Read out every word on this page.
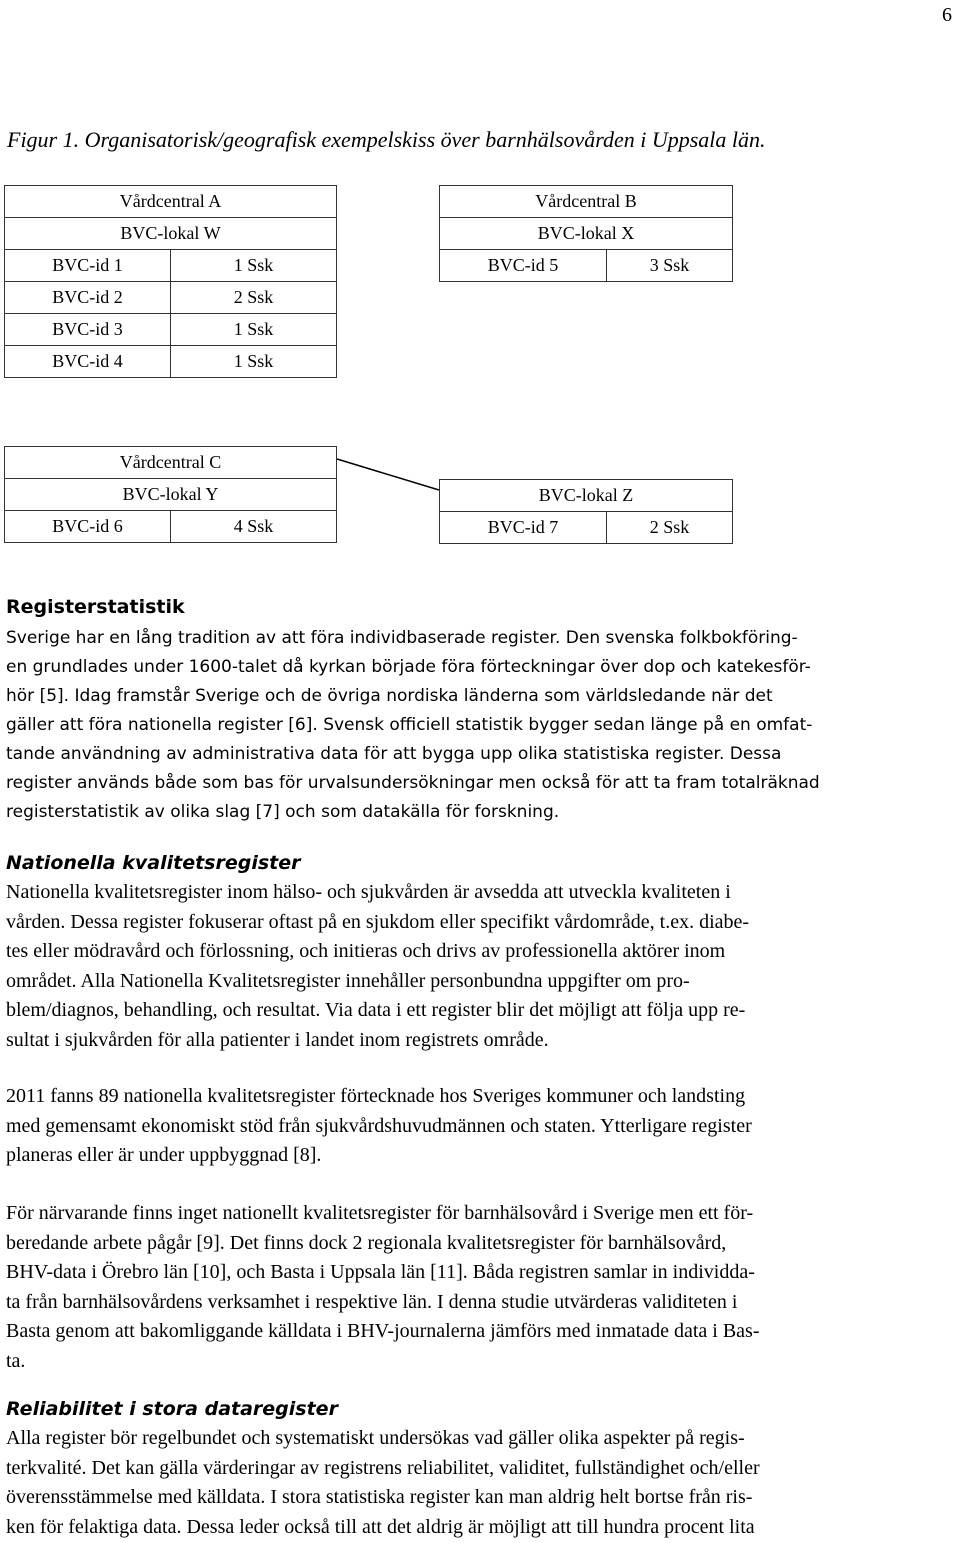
6
Figur 1. Organisatorisk/geografisk exempelskiss över barnhälsovården i Uppsala län.
Vårdcentral A	
BVC-lokal W	
BVC-id 1	1 Ssk
BVC-id 2	2 Ssk
BVC-id 3	1 Ssk
BVC-id 4	1 Ssk
Vårdcentral B
BVC-lokal X
BVC-id 5	3 Ssk
Vårdcentral C
BVC-lokal Y
BVC-id 6	4 Ssk
BVC-lokal Z
BVC-id 7	2 Ssk
Registerstatistik
Sverige har en lång tradition av att föra individbaserade register. Den svenska folkbokföring-
en grundlades under 1600-talet då kyrkan började föra förteckningar över dop och katekesför-
hör [5]. Idag framstår Sverige och de övriga nordiska länderna som världsledande när det
gäller att föra nationella register [6]. Svensk officiell statistik bygger sedan länge på en omfat-
tande användning av administrativa data för att bygga upp olika statistiska register. Dessa
register används både som bas för urvalsundersökningar men också för att ta fram totalräknad
registerstatistik av olika slag [7] och som datakälla för forskning.
Nationella kvalitetsregister
Nationella kvalitetsregister inom hälso- och sjukvården är avsedda att utveckla kvaliteten i
vården. Dessa register fokuserar oftast på en sjukdom eller specifikt vårdområde, t.ex. diabe-
tes eller mödravård och förlossning, och initieras och drivs av professionella aktörer inom
området. Alla Nationella Kvalitetsregister innehåller personbundna uppgifter om pro-
blem/diagnos, behandling, och resultat. Via data i ett register blir det möjligt att följa upp re-
sultat i sjukvården för alla patienter i landet inom registrets område.
2011 fanns 89 nationella kvalitetsregister förtecknade hos Sveriges kommuner och landsting
med gemensamt ekonomiskt stöd från sjukvårdshuvudmännen och staten. Ytterligare register
planeras eller är under uppbyggnad [8].
För närvarande finns inget nationellt kvalitetsregister för barnhälsovård i Sverige men ett för-
beredande arbete pågår [9]. Det finns dock 2 regionala kvalitetsregister för barnhälsovård,
BHV-data i Örebro län [10], och Basta i Uppsala län [11]. Båda registren samlar in individda-
ta från barnhälsovårdens verksamhet i respektive län. I denna studie utvärderas validiteten i
Basta genom att bakomliggande källdata i BHV-journalerna jämförs med inmatade data i Bas-
ta.
Reliabilitet i stora dataregister
Alla register bör regelbundet och systematiskt undersökas vad gäller olika aspekter på regis-
terkvalité. Det kan gälla värderingar av registrens reliabilitet, validitet, fullständighet och/eller
överensstämmelse med källdata. I stora statistiska register kan man aldrig helt bortse från ris-
ken för felaktiga data. Dessa leder också till att det aldrig är möjligt att till hundra procent lita
